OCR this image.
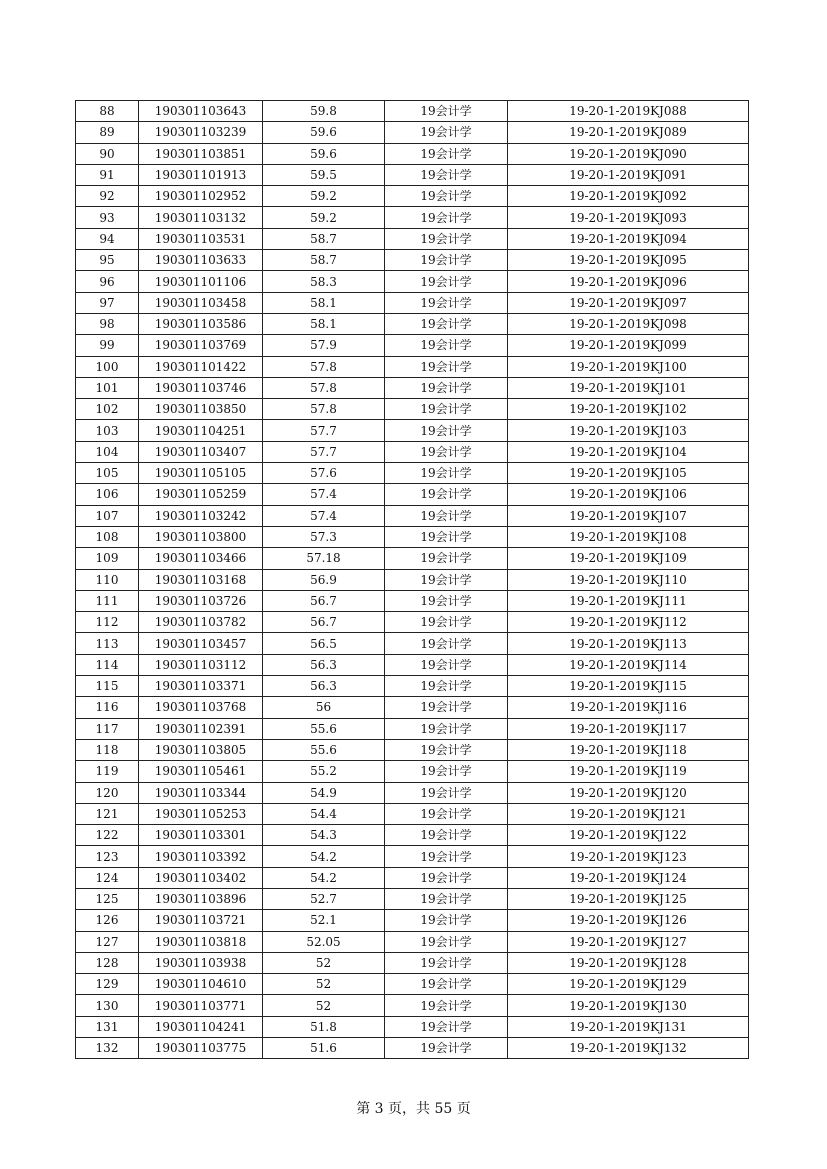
88	190301103643	59.8	19会计学	19-20-1-2019KJ088
89	190301103239	59.6	19会计学	19-20-1-2019KJ089
90	190301103851	59.6	19会计学	19-20-1-2019KJ090
91	190301101913	59.5	19会计学	19-20-1-2019KJ091
92	190301102952	59.2	19会计学	19-20-1-2019KJ092
93	190301103132	59.2	19会计学	19-20-1-2019KJ093
94	190301103531	58.7	19会计学	19-20-1-2019KJ094
95	190301103633	58.7	19会计学	19-20-1-2019KJ095
96	190301101106	58.3	19会计学	19-20-1-2019KJ096
97	190301103458	58.1	19会计学	19-20-1-2019KJ097
98	190301103586	58.1	19会计学	19-20-1-2019KJ098
99	190301103769	57.9	19会计学	19-20-1-2019KJ099
100	190301101422	57.8	19会计学	19-20-1-2019KJ100
101	190301103746	57.8	19会计学	19-20-1-2019KJ101
102	190301103850	57.8	19会计学	19-20-1-2019KJ102
103	190301104251	57.7	19会计学	19-20-1-2019KJ103
104	190301103407	57.7	19会计学	19-20-1-2019KJ104
105	190301105105	57.6	19会计学	19-20-1-2019KJ105
106	190301105259	57.4	19会计学	19-20-1-2019KJ106
107	190301103242	57.4	19会计学	19-20-1-2019KJ107
108	190301103800	57.3	19会计学	19-20-1-2019KJ108
109	190301103466	57.18	19会计学	19-20-1-2019KJ109
110	190301103168	56.9	19会计学	19-20-1-2019KJ110
111	190301103726	56.7	19会计学	19-20-1-2019KJ111
112	190301103782	56.7	19会计学	19-20-1-2019KJ112
113	190301103457	56.5	19会计学	19-20-1-2019KJ113
114	190301103112	56.3	19会计学	19-20-1-2019KJ114
115	190301103371	56.3	19会计学	19-20-1-2019KJ115
116	190301103768	56	19会计学	19-20-1-2019KJ116
117	190301102391	55.6	19会计学	19-20-1-2019KJ117
118	190301103805	55.6	19会计学	19-20-1-2019KJ118
119	190301105461	55.2	19会计学	19-20-1-2019KJ119
120	190301103344	54.9	19会计学	19-20-1-2019KJ120
121	190301105253	54.4	19会计学	19-20-1-2019KJ121
122	190301103301	54.3	19会计学	19-20-1-2019KJ122
123	190301103392	54.2	19会计学	19-20-1-2019KJ123
124	190301103402	54.2	19会计学	19-20-1-2019KJ124
125	190301103896	52.7	19会计学	19-20-1-2019KJ125
126	190301103721	52.1	19会计学	19-20-1-2019KJ126
127	190301103818	52.05	19会计学	19-20-1-2019KJ127
128	190301103938	52	19会计学	19-20-1-2019KJ128
129	190301104610	52	19会计学	19-20-1-2019KJ129
130	190301103771	52	19会计学	19-20-1-2019KJ130
131	190301104241	51.8	19会计学	19-20-1-2019KJ131
132	190301103775	51.6	19会计学	19-20-1-2019KJ132
第 3 页，共 55 页
